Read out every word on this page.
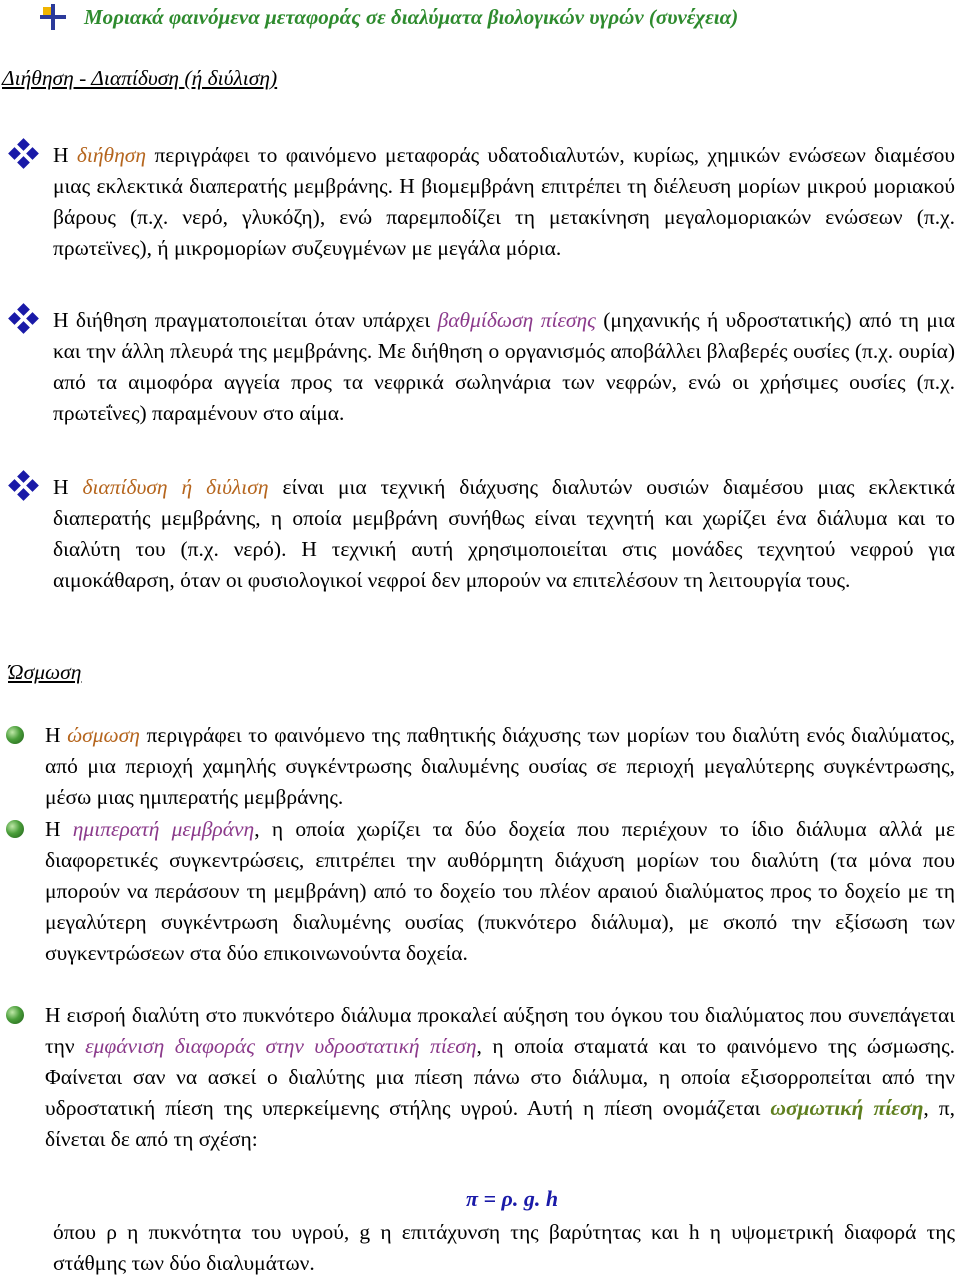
Μοριακά φαινόμενα μεταφοράς σε διαλύματα βιολογικών υγρών (συνέχεια)
Διήθηση - Διαπίδυση (ή διύλιση)
Η διήθηση περιγράφει το φαινόμενο μεταφοράς υδατοδιαλυτών, κυρίως, χημικών ενώσεων διαμέσου μιας εκλεκτικά διαπερατής μεμβράνης. Η βιομεμβράνη επιτρέπει τη διέλευση μορίων μικρού μοριακού βάρους (π.χ. νερό, γλυκόζη), ενώ παρεμποδίζει τη μετακίνηση μεγαλομοριακών ενώσεων (π.χ. πρωτεϊνες), ή μικρομορίων συζευγμένων με μεγάλα μόρια.
Η διήθηση πραγματοποιείται όταν υπάρχει βαθμίδωση πίεσης (μηχανικής ή υδροστατικής) από τη μια και την άλλη πλευρά της μεμβράνης. Με διήθηση ο οργανισμός αποβάλλει βλαβερές ουσίες (π.χ. ουρία) από τα αιμοφόρα αγγεία προς τα νεφρικά σωληνάρια των νεφρών, ενώ οι χρήσιμες ουσίες (π.χ. πρωτεΐνες) παραμένουν στο αίμα.
Η διαπίδυση ή διύλιση είναι μια τεχνική διάχυσης διαλυτών ουσιών διαμέσου μιας εκλεκτικά διαπερατής μεμβράνης, η οποία μεμβράνη συνήθως είναι τεχνητή και χωρίζει ένα διάλυμα και το διαλύτη του (π.χ. νερό). Η τεχνική αυτή χρησιμοποιείται στις μονάδες τεχνητού νεφρού για αιμοκάθαρση, όταν οι φυσιολογικοί νεφροί δεν μπορούν να επιτελέσουν τη λειτουργία τους.
Ώσμωση
Η ώσμωση περιγράφει το φαινόμενο της παθητικής διάχυσης των μορίων του διαλύτη ενός διαλύματος, από μια περιοχή χαμηλής συγκέντρωσης διαλυμένης ουσίας σε περιοχή μεγαλύτερης συγκέντρωσης, μέσω μιας ημιπερατής μεμβράνης.
Η ημιπερατή μεμβράνη, η οποία χωρίζει τα δύο δοχεία που περιέχουν το ίδιο διάλυμα αλλά με διαφορετικές συγκεντρώσεις, επιτρέπει την αυθόρμητη διάχυση μορίων του διαλύτη (τα μόνα που μπορούν να περάσουν τη μεμβράνη) από το δοχείο του πλέον αραιού διαλύματος προς το δοχείο με τη μεγαλύτερη συγκέντρωση διαλυμένης ουσίας (πυκνότερο διάλυμα), με σκοπό την εξίσωση των συγκεντρώσεων στα δύο επικοινωνούντα δοχεία.
Η εισροή διαλύτη στο πυκνότερο διάλυμα προκαλεί αύξηση του όγκου του διαλύματος που συνεπάγεται την εμφάνιση διαφοράς στην υδροστατική πίεση, η οποία σταματά και το φαινόμενο της ώσμωσης. Φαίνεται σαν να ασκεί ο διαλύτης μια πίεση πάνω στο διάλυμα, η οποία εξισορροπείται από την υδροστατική πίεση της υπερκείμενης στήλης υγρού. Αυτή η πίεση ονομάζεται ωσμωτική πίεση, π, δίνεται δε από τη σχέση:
π = ρ. g. h
όπου ρ η πυκνότητα του υγρού, g η επιτάχυνση της βαρύτητας και h η υψομετρική διαφορά της στάθμης των δύο διαλυμάτων.
